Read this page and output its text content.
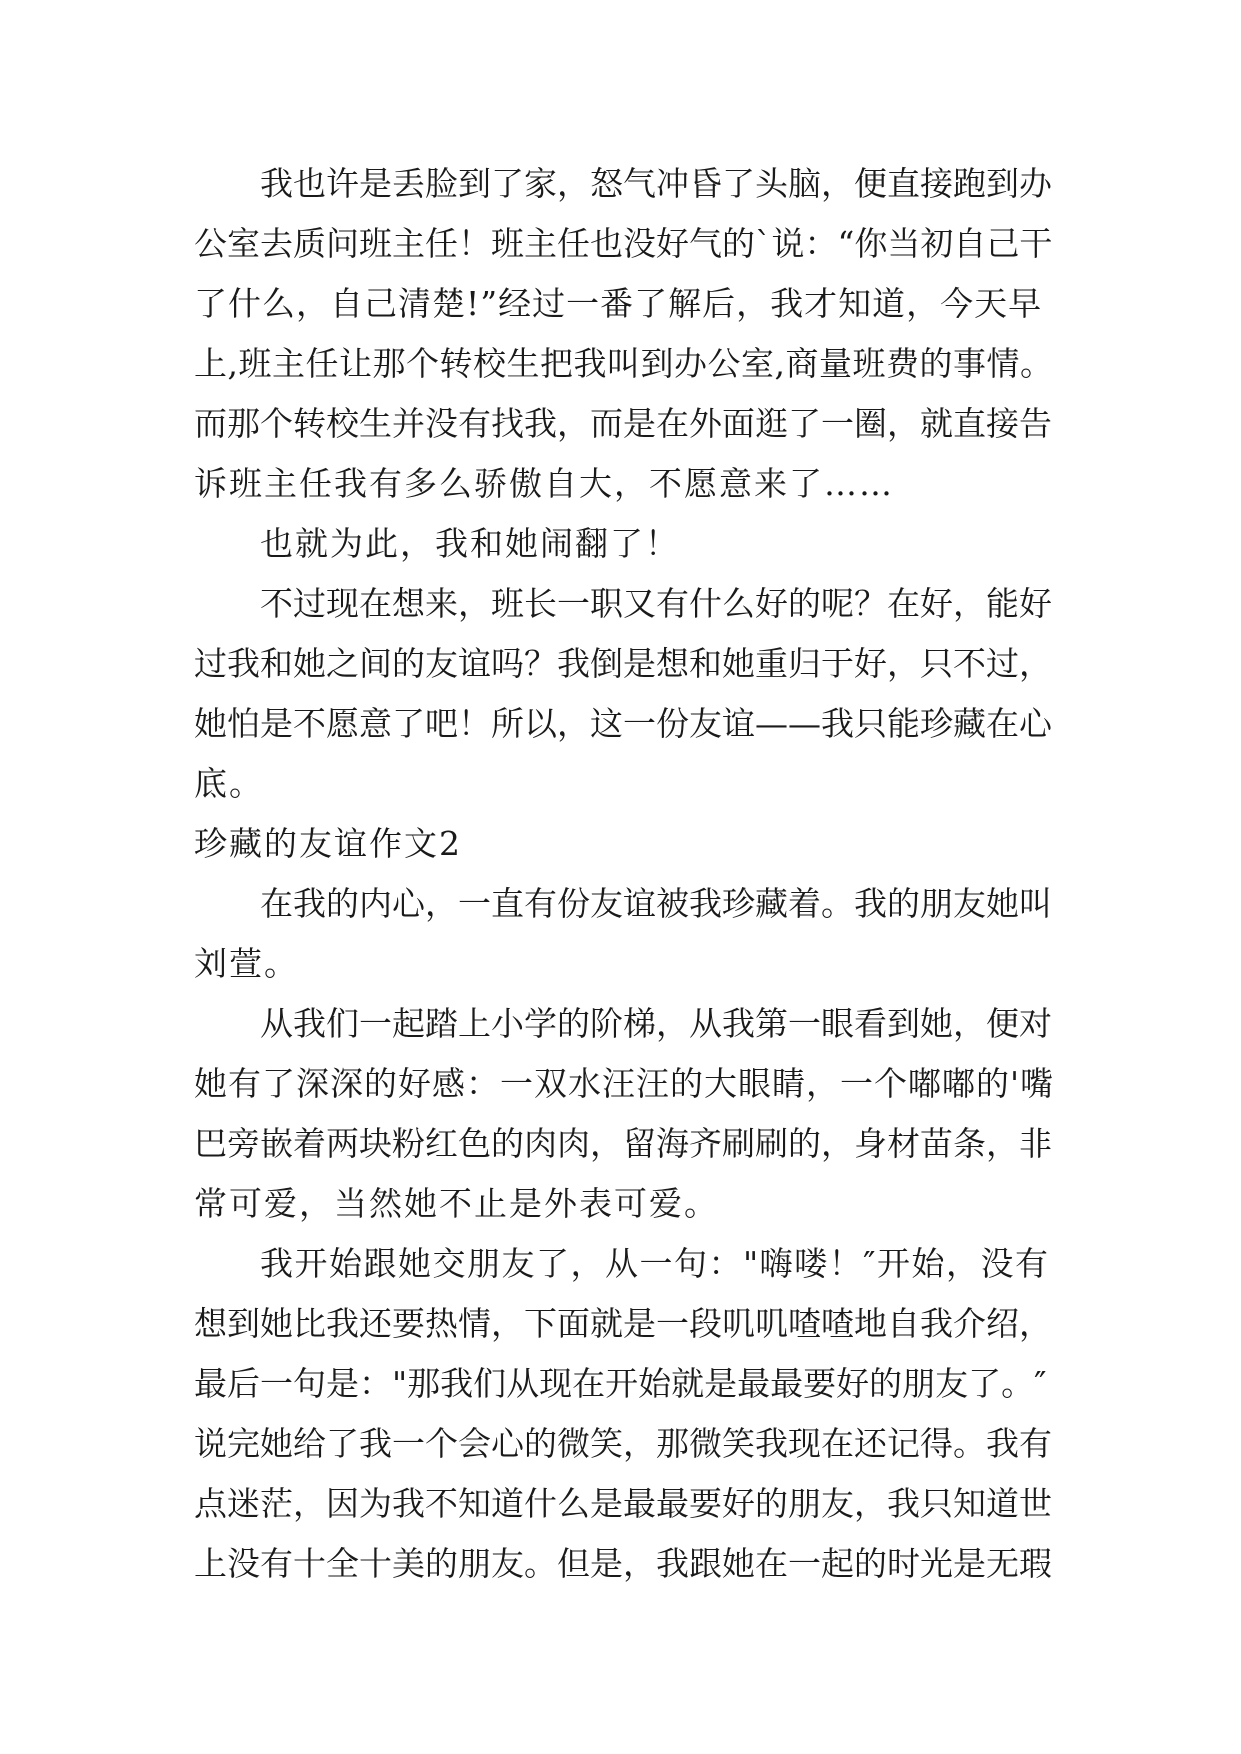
我也许是丢脸到了家，怒气冲昏了头脑，便直接跑到办

公室去质问班主任！班主任也没好气的`说：“你当初自己干

了什么，自己清楚!”经过一番了解后，我才知道，今天早

上,班主任让那个转校生把我叫到办公室,商量班费的事情。

而那个转校生并没有找我，而是在外面逛了一圈，就直接告

诉班主任我有多么骄傲自大，不愿意来了……

也就为此，我和她闹翻了！

不过现在想来，班长一职又有什么好的呢？在好，能好

过我和她之间的友谊吗？我倒是想和她重归于好，只不过，

她怕是不愿意了吧！所以，这一份友谊——我只能珍藏在心

底。

珍藏的友谊作文2

在我的内心，一直有份友谊被我珍藏着。我的朋友她叫

刘萱。

从我们一起踏上小学的阶梯，从我第一眼看到她，便对

她有了深深的好感：一双水汪汪的大眼睛，一个嘟嘟的'嘴

巴旁嵌着两块粉红色的肉肉，留海齐刷刷的，身材苗条，非

常可爱，当然她不止是外表可爱。

我开始跟她交朋友了，从一句："嗨喽！″开始，没有

想到她比我还要热情，下面就是一段叽叽喳喳地自我介绍，

最后一句是："那我们从现在开始就是最最要好的朋友了。″

说完她给了我一个会心的微笑，那微笑我现在还记得。我有

点迷茫，因为我不知道什么是最最要好的朋友，我只知道世

上没有十全十美的朋友。但是，我跟她在一起的时光是无瑕
